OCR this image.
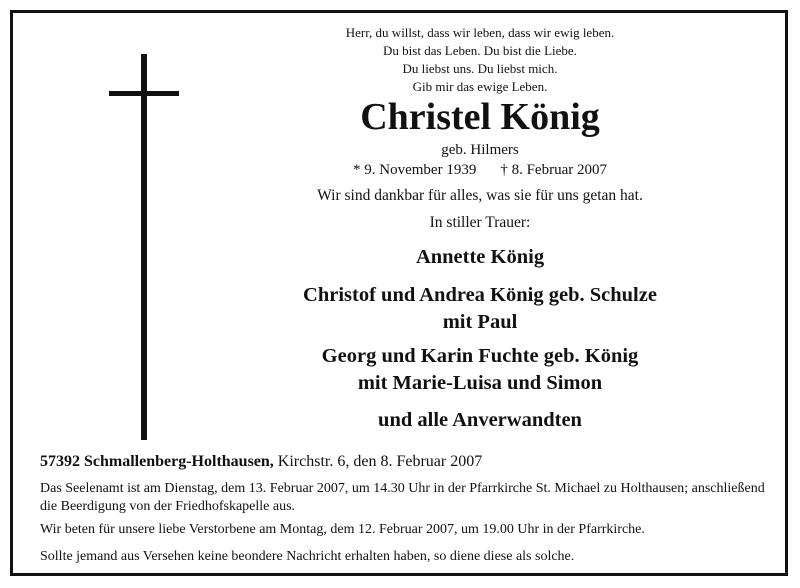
Herr, du willst, dass wir leben, dass wir ewig leben.
Du bist das Leben. Du bist die Liebe.
Du liebst uns. Du liebst mich.
Gib mir das ewige Leben.
Christel König
geb. Hilmers
* 9. November 1939 † 8. Februar 2007
Wir sind dankbar für alles, was sie für uns getan hat.
In stiller Trauer:
Annette König
Christof und Andrea König geb. Schulze
mit Paul
Georg und Karin Fuchte geb. König
mit Marie-Luisa und Simon
und alle Anverwandten
57392 Schmallenberg-Holthausen, Kirchstr. 6, den 8. Februar 2007
Das Seelenamt ist am Dienstag, dem 13. Februar 2007, um 14.30 Uhr in der Pfarrkirche St. Michael zu Holthausen; anschließend die Beerdigung von der Friedhofskapelle aus.
Wir beten für unsere liebe Verstorbene am Montag, dem 12. Februar 2007, um 19.00 Uhr in der Pfarrkirche.
Sollte jemand aus Versehen keine beondere Nachricht erhalten haben, so diene diese als solche.
